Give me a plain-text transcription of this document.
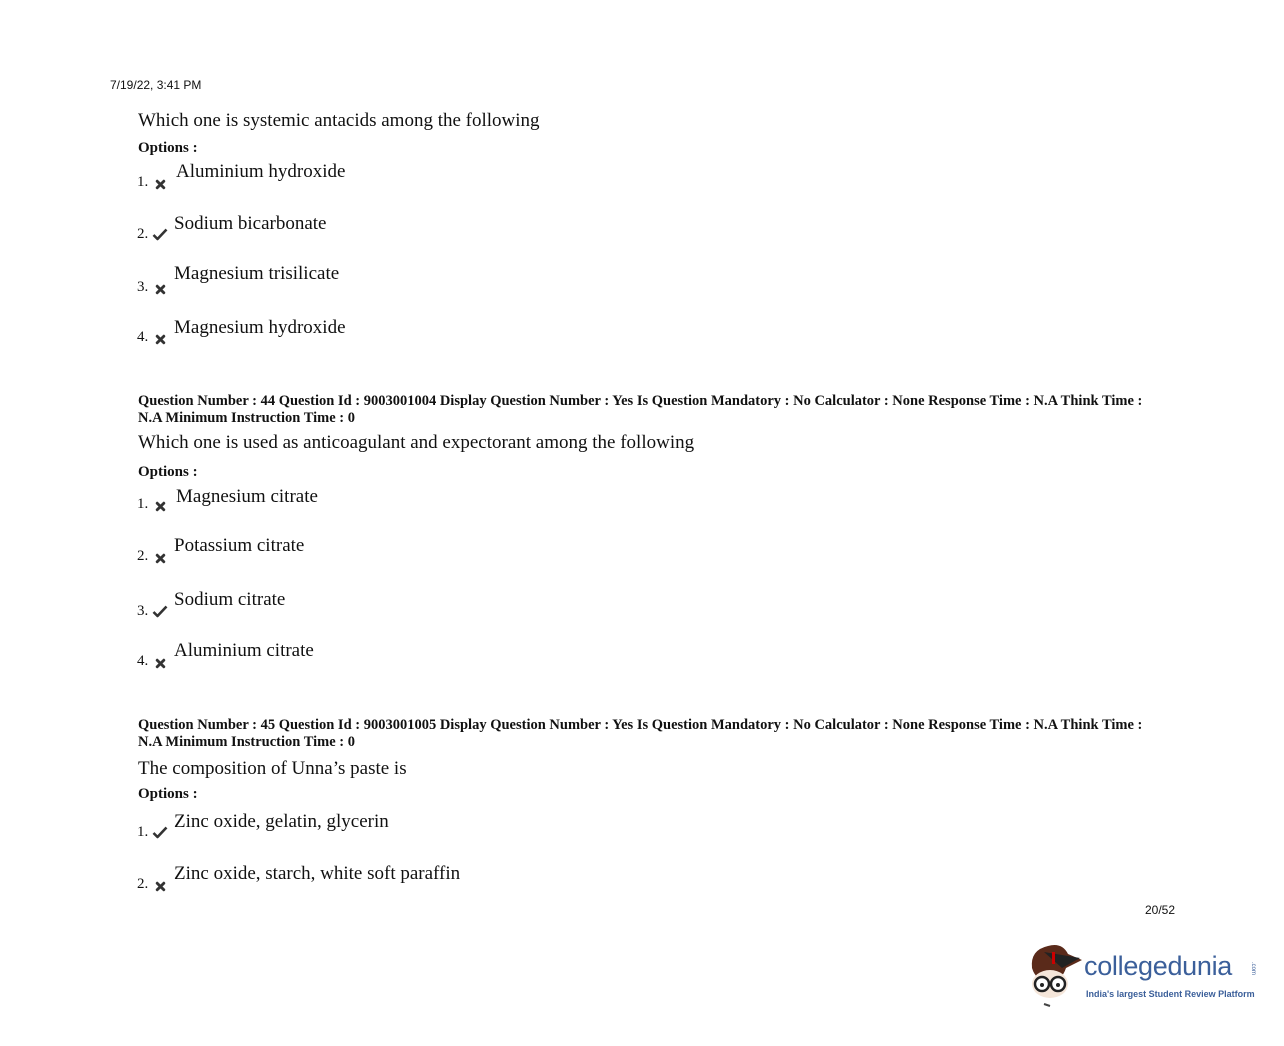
7/19/22, 3:41 PM
Which one is systemic antacids among the following
Options :
1. Aluminium hydroxide
2. Sodium bicarbonate
3.
Magnesium trisilicate
4. Magnesium hydroxide
Question Number : 44 Question Id : 9003001004 Display Question Number : Yes Is Question Mandatory : No Calculator : None Response Time : N.A Think Time : N.A Minimum Instruction Time : 0
Which one is used as anticoagulant and expectorant among the following
Options :
1. Magnesium citrate
2. Potassium citrate
3.
Sodium citrate
4. Aluminium citrate
Question Number : 45 Question Id : 9003001005 Display Question Number : Yes Is Question Mandatory : No Calculator : None Response Time : N.A Think Time : N.A Minimum Instruction Time : 0
The composition of Unna’s paste is
Options :
1. Zinc oxide, gelatin, glycerin
2. Zinc oxide, starch, white soft paraffin
20/52
collegedunia	.com
India's largest Student Review Platform
